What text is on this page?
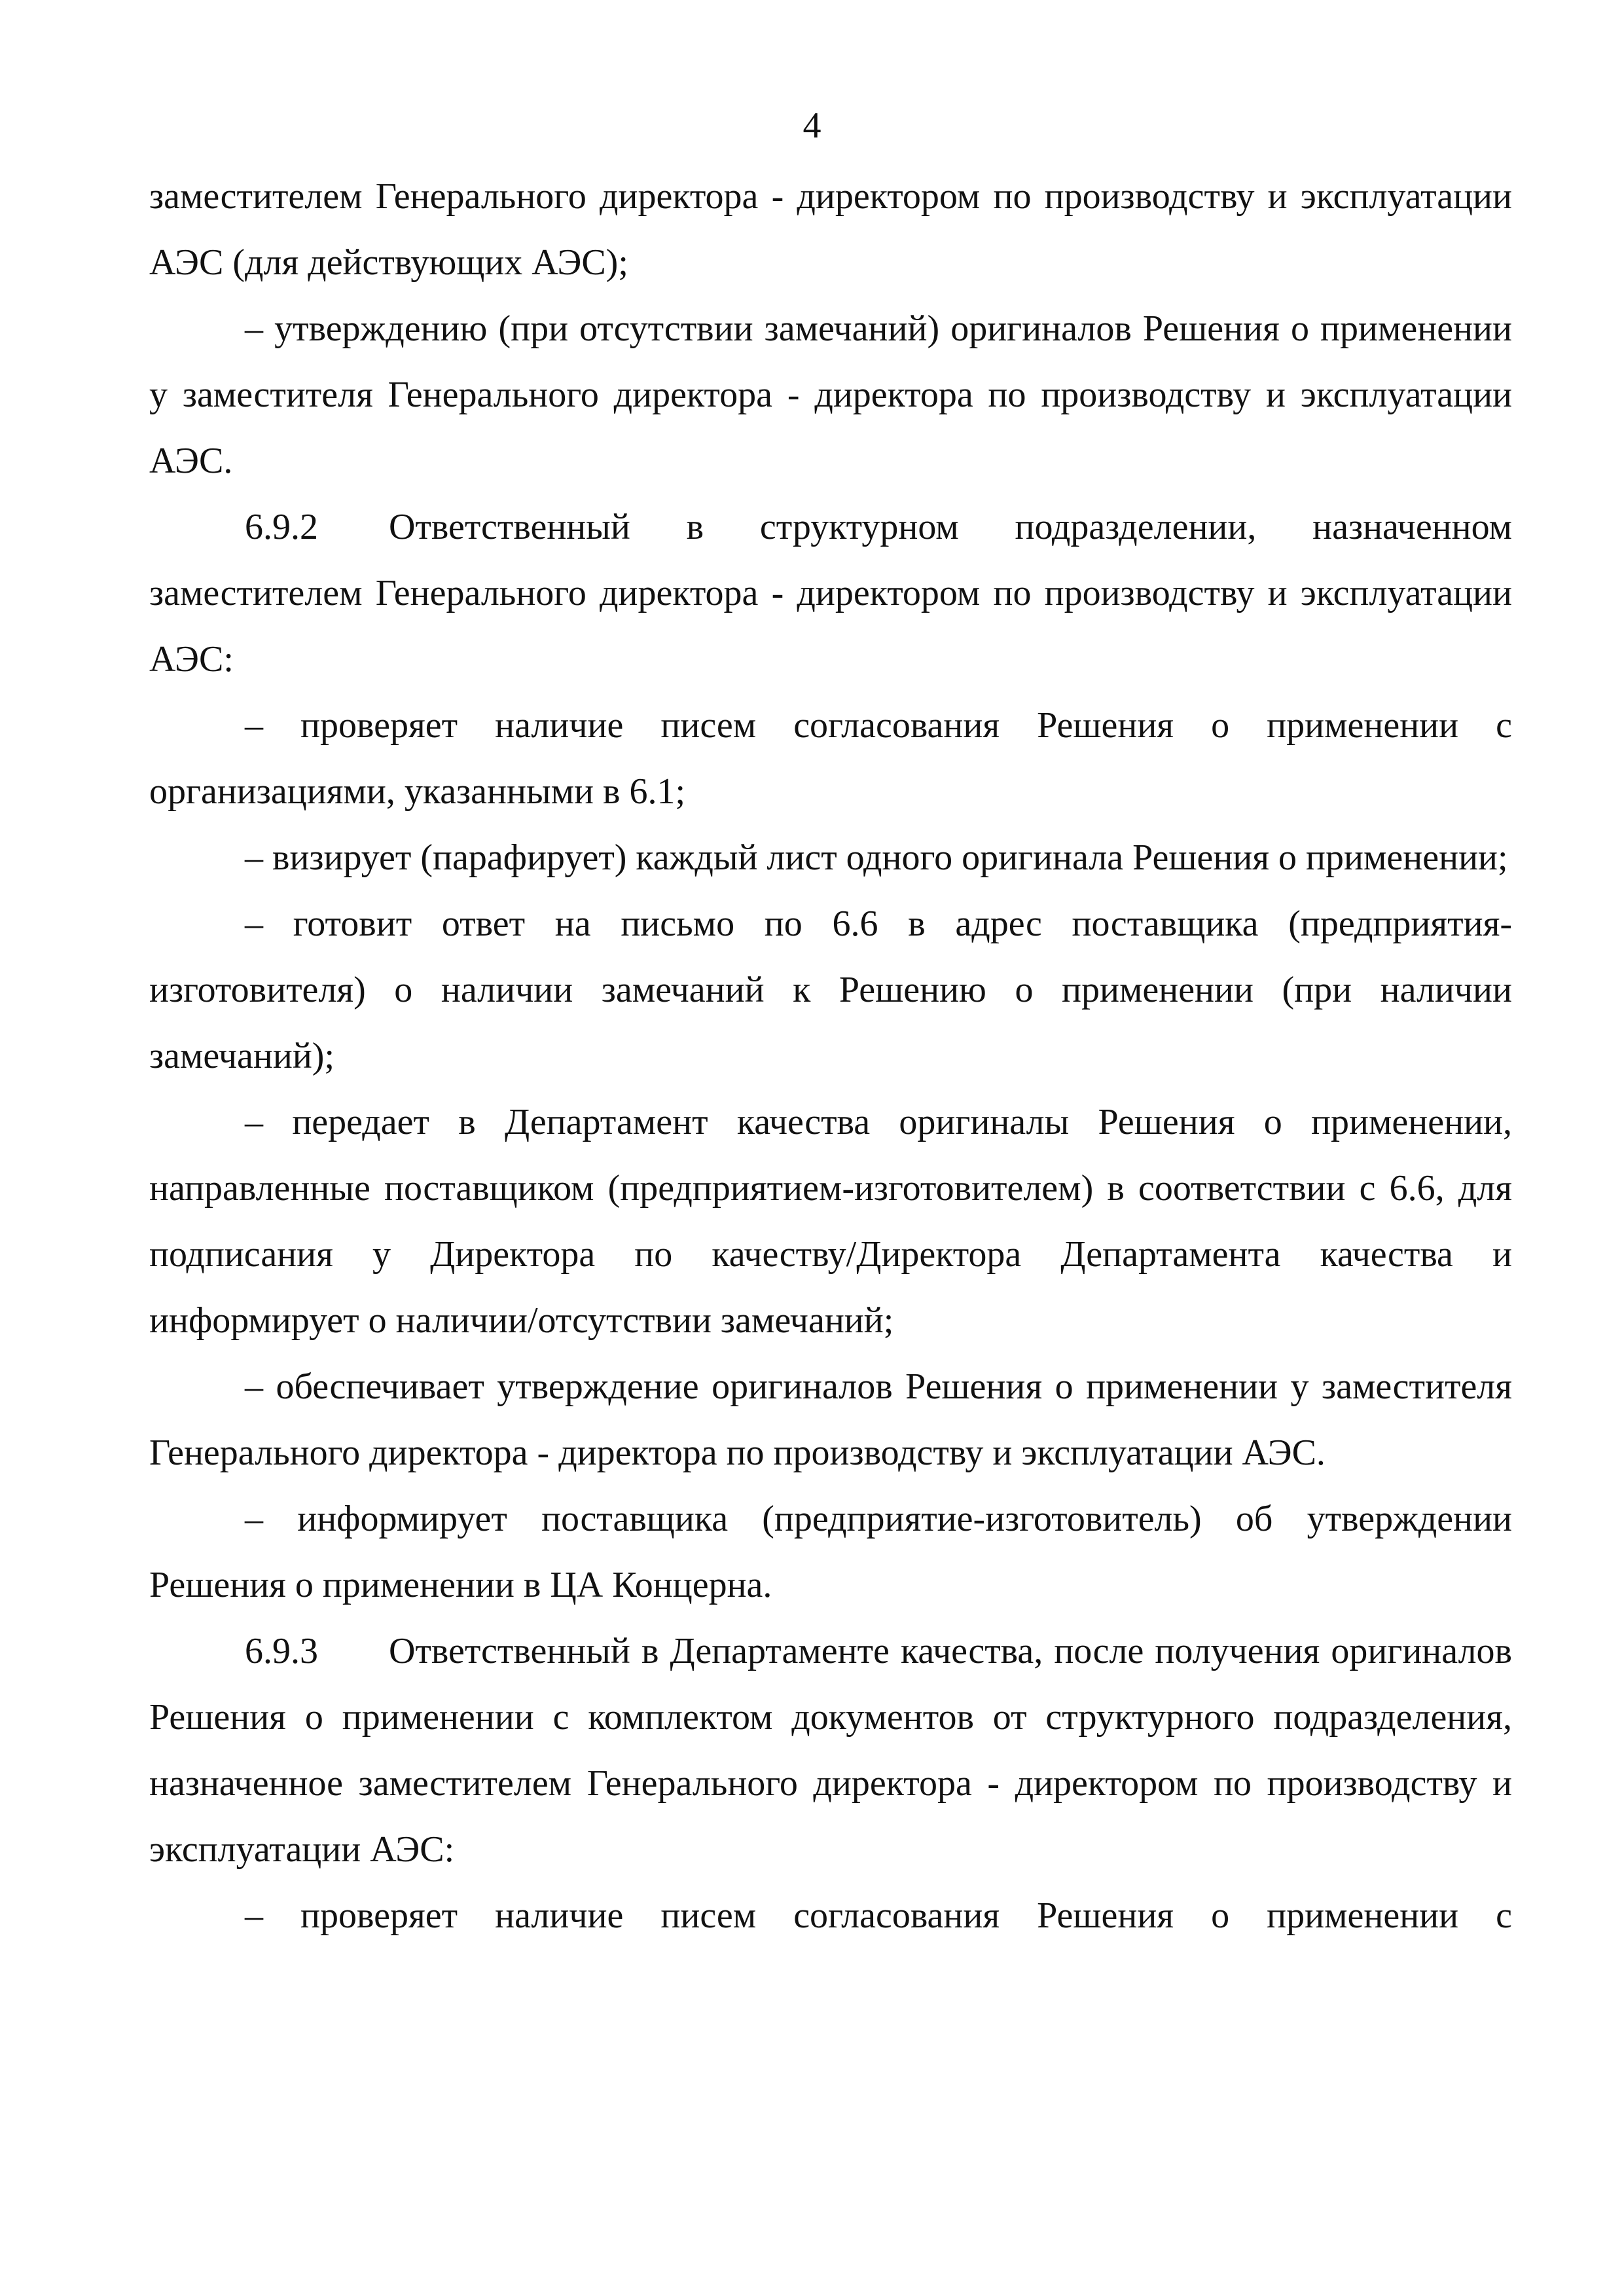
4

заместителем Генерального директора - директором по производству и эксплуатации АЭС (для действующих АЭС);

– утверждению (при отсутствии замечаний) оригиналов Решения о применении у заместителя Генерального директора - директора по производству и эксплуатации АЭС.

6.9.2 Ответственный в структурном подразделении, назначенном заместителем Генерального директора - директором по производству и эксплуатации АЭС:

– проверяет наличие писем согласования Решения о применении с организациями, указанными в 6.1;

– визирует (парафирует) каждый лист одного оригинала Решения о применении;

– готовит ответ на письмо по 6.6 в адрес поставщика (предприятия-изготовителя) о наличии замечаний к Решению о применении (при наличии замечаний);

– передает в Департамент качества оригиналы Решения о применении, направленные поставщиком (предприятием-изготовителем) в соответствии с 6.6, для подписания у Директора по качеству/Директора Департамента качества и информирует о наличии/отсутствии замечаний;

– обеспечивает утверждение оригиналов Решения о применении у заместителя Генерального директора - директора по производству и эксплуатации АЭС.

– информирует поставщика (предприятие-изготовитель) об утверждении Решения о применении в ЦА Концерна.

6.9.3 Ответственный в Департаменте качества, после получения оригиналов Решения о применении с комплектом документов от структурного подразделения, назначенное заместителем Генерального директора - директором по производству и эксплуатации АЭС:

– проверяет наличие писем согласования Решения о применении с
